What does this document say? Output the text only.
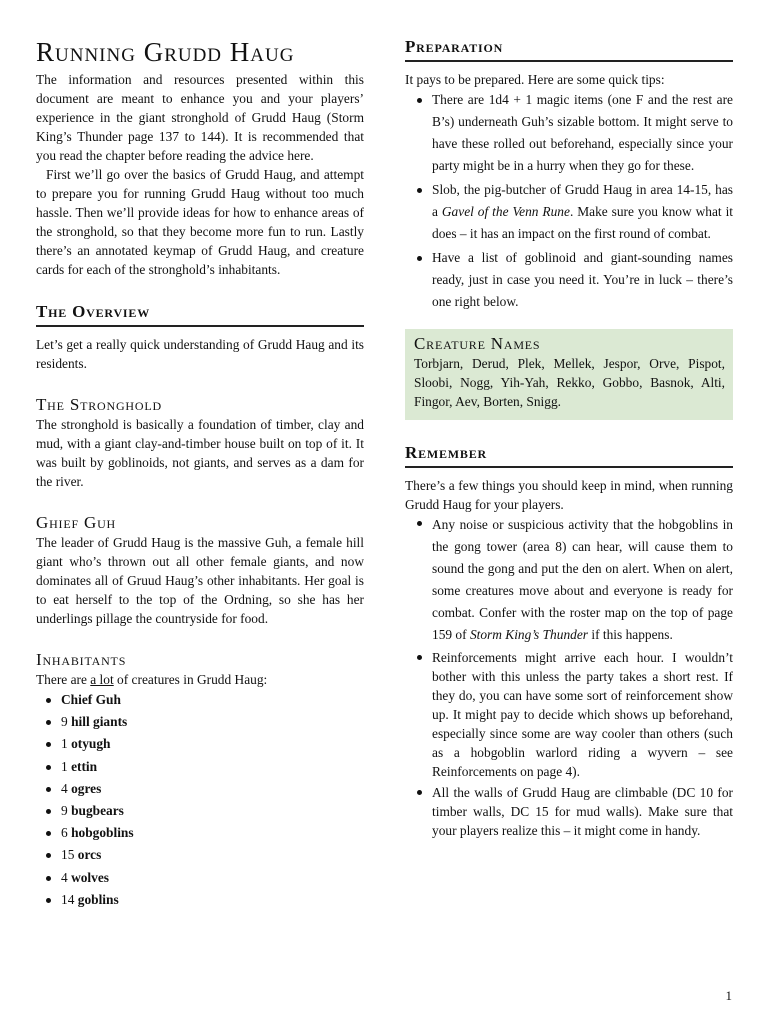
Running Grudd Haug

The information and resources presented within this document are meant to enhance you and your players’ experience in the giant stronghold of Grudd Haug (Storm King’s Thunder page 137 to 144). It is recommended that you read the chapter before reading the advice here.

First we’ll go over the basics of Grudd Haug, and attempt to prepare you for running Grudd Haug without too much hassle. Then we’ll provide ideas for how to enhance areas of the stronghold, so that they become more fun to run. Lastly there’s an annotated keymap of Grudd Haug, and creature cards for each of the stronghold’s inhabitants.

The Overview

Let’s get a really quick understanding of Grudd Haug and its residents.

The Stronghold

The stronghold is basically a foundation of timber, clay and mud, with a giant clay-and-timber house built on top of it. It was built by goblinoids, not giants, and serves as a dam for the river.

Ghief Guh

The leader of Grudd Haug is the massive Guh, a female hill giant who’s thrown out all other female giants, and now dominates all of Gruud Haug’s other inhabitants. Her goal is to eat herself to the top of the Ordning, so she has her underlings pillage the countryside for food.

Inhabitants

There are a lot of creatures in Grudd Haug:

Chief Guh
9 hill giants
1 otyugh
1 ettin
4 ogres
9 bugbears
6 hobgoblins
15 orcs
4 wolves
14 goblins
Preparation

It pays to be prepared. Here are some quick tips:

There are 1d4 + 1 magic items (one F and the rest are B’s) underneath Guh’s sizable bottom. It might serve to have these rolled out beforehand, especially since your party might be in a hurry when they go for these.
Slob, the pig-butcher of Grudd Haug in area 14-15, has a Gavel of the Venn Rune. Make sure you know what it does – it has an impact on the first round of combat.
Have a list of goblinoid and giant-sounding names ready, just in case you need it. You’re in luck – there’s one right below.
Creature Names

Torbjarn, Derud, Plek, Mellek, Jespor, Orve, Pispot, Sloobi, Nogg, Yih-Yah, Rekko, Gobbo, Basnok, Alti, Fingor, Aev, Borten, Snigg.

Remember

There’s a few things you should keep in mind, when running Grudd Haug for your players.

Any noise or suspicious activity that the hobgoblins in the gong tower (area 8) can hear, will cause them to sound the gong and put the den on alert. When on alert, some creatures move about and everyone is ready for combat. Confer with the roster map on the top of page 159 of Storm King’s Thunder if this happens.
Reinforcements might arrive each hour. I wouldn’t bother with this unless the party takes a short rest. If they do, you can have some sort of reinforcement show up. It might pay to decide which shows up beforehand, especially since some are way cooler than others (such as a hobgoblin warlord riding a wyvern – see Reinforcements on page 4).
All the walls of Grudd Haug are climbable (DC 10 for timber walls, DC 15 for mud walls). Make sure that your players realize this – it might come in handy.
1
